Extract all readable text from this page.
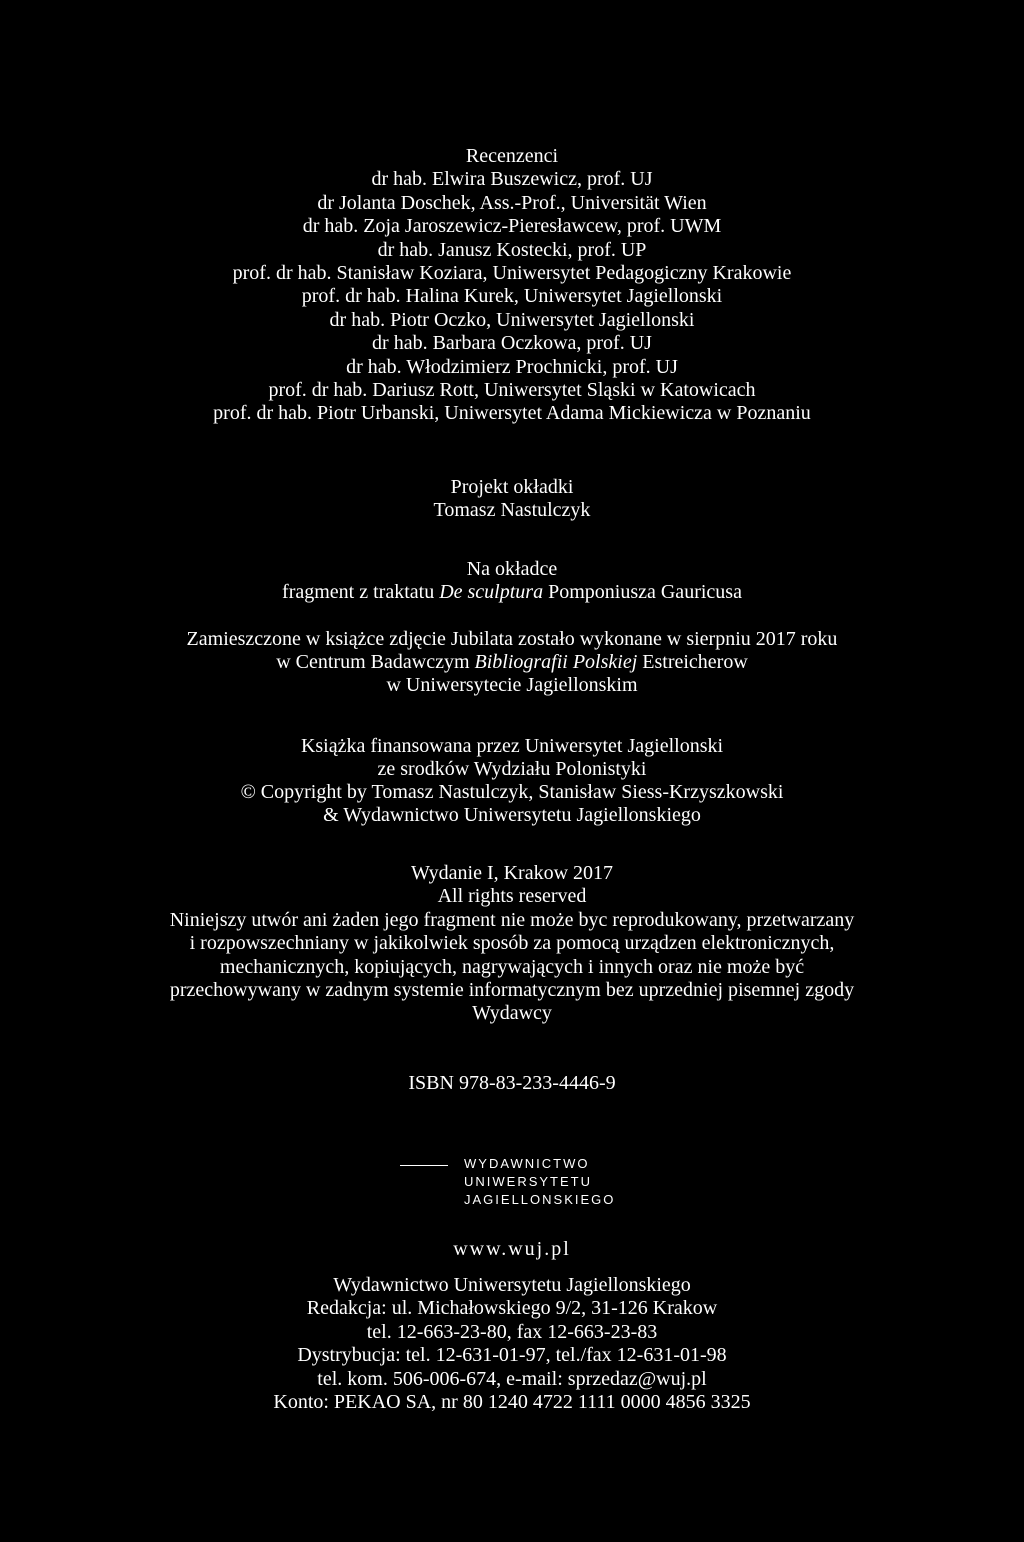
Recenzenci
dr hab. Elwira Buszewicz, prof. UJ
dr Jolanta Doschek, Ass.-Prof., Universität Wien
dr hab. Zoja Jaroszewicz-Pieresławcew, prof. UWM
dr hab. Janusz Kostecki, prof. UP
prof. dr hab. Stanisław Koziara, Uniwersytet Pedagogiczny Krakowie
prof. dr hab. Halina Kurek, Uniwersytet Jagiellonski
dr hab. Piotr Oczko, Uniwersytet Jagiellonski
dr hab. Barbara Oczkowa, prof. UJ
dr hab. Włodzimierz Prochnicki, prof. UJ
prof. dr hab. Dariusz Rott, Uniwersytet Sląski w Katowicach
prof. dr hab. Piotr Urbanski, Uniwersytet Adama Mickiewicza w Poznaniu
Projekt okładki
Tomasz Nastulczyk
Na okładce
fragment z traktatu De sculptura Pomponiusza Gauricusa
Zamieszczone w książce zdjęcie Jubilata zostało wykonane w sierpniu 2017 roku
w Centrum Badawczym Bibliografii Polskiej Estreicherow
w Uniwersytecie Jagiellonskim
Książka finansowana przez Uniwersytet Jagiellonski
ze srodków Wydziału Polonistyki
© Copyright by Tomasz Nastulczyk, Stanisław Siess-Krzyszkowski
& Wydawnictwo Uniwersytetu Jagiellonskiego
Wydanie I, Krakow 2017
All rights reserved
Niniejszy utwór ani żaden jego fragment nie może byc reprodukowany, przetwarzany
i rozpowszechniany w jakikolwiek sposób za pomocą urządzen elektronicznych,
mechanicznych, kopiujących, nagrywających i innych oraz nie może być
przechowywany w zadnym systemie informatycznym bez uprzedniej pisemnej zgody
Wydawcy
ISBN 978-83-233-4446-9
WYDAWNICTWO
UNIWERSYTETU
JAGIELLONSKIEGO
www.wuj.pl
Wydawnictwo Uniwersytetu Jagiellonskiego
Redakcja: ul. Michałowskiego 9/2, 31-126 Krakow
tel. 12-663-23-80, fax 12-663-23-83
Dystrybucja: tel. 12-631-01-97, tel./fax 12-631-01-98
tel. kom. 506-006-674, e-mail: sprzedaz@wuj.pl
Konto: PEKAO SA, nr 80 1240 4722 1111 0000 4856 3325
